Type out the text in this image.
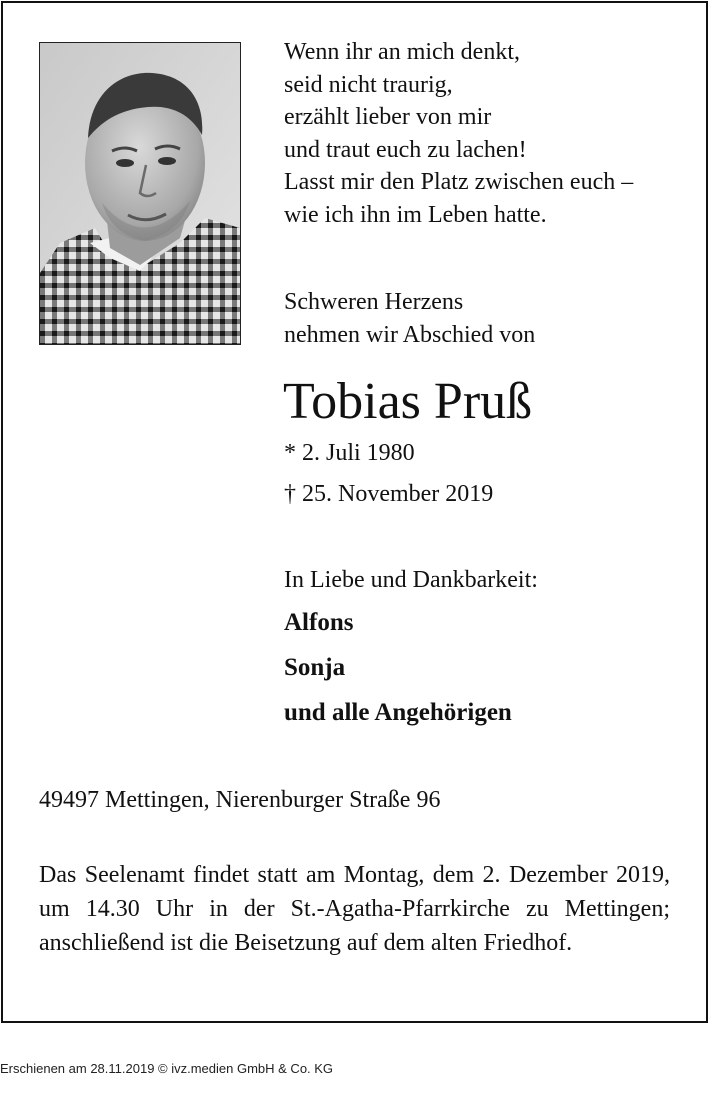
Wenn ihr an mich denkt,
seid nicht traurig,
erzählt lieber von mir
und traut euch zu lachen!
Lasst mir den Platz zwischen euch –
wie ich ihn im Leben hatte.
Schweren Herzens
nehmen wir Abschied von
Tobias Pruß
* 2. Juli 1980
† 25. November 2019
In Liebe und Dankbarkeit:
Alfons
Sonja
und alle Angehörigen
49497 Mettingen, Nierenburger Straße 96
Das Seelenamt findet statt am Montag, dem 2. Dezember 2019, um 14.30 Uhr in der St.-Agatha-Pfarrkirche zu Mettingen; anschließend ist die Beisetzung auf dem alten Friedhof.
Erschienen am 28.11.2019 © ivz.medien GmbH & Co. KG
